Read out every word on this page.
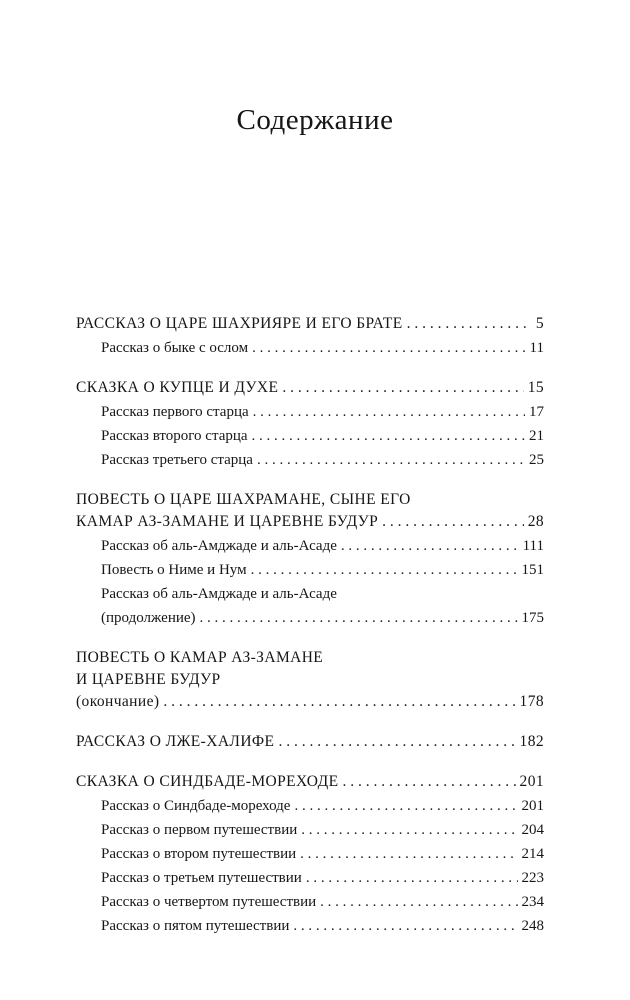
Содержание
РАССКАЗ О ЦАРЕ ШАХРИЯРЕ И ЕГО БРАТЕ . . .	5
Рассказ о быке с ослом . . .	11
СКАЗКА О КУПЦЕ И ДУХЕ . . .	15
Рассказ первого старца . . .	17
Рассказ второго старца . . .	21
Рассказ третьего старца . . .	25
ПОВЕСТЬ О ЦАРЕ ШАХРАМАНЕ, СЫНЕ ЕГО
КАМАР АЗ-ЗАМАНЕ И ЦАРЕВНЕ БУДУР . . .	28
Рассказ об аль-Амджаде и аль-Асаде . . .	111
Повесть о Ниме и Нум . . .	151
Рассказ об аль-Амджаде и аль-Асаде
(продолжение) . . .	175
ПОВЕСТЬ О КАМАР АЗ-ЗАМАНЕ
И ЦАРЕВНЕ БУДУР
(окончание) . . .	178
РАССКАЗ О ЛЖЕ-ХАЛИФЕ . . .	182
СКАЗКА О СИНДБАДЕ-МОРЕХОДЕ . . .	201
Рассказ о Синдбаде-мореходе . . .	201
Рассказ о первом путешествии . . .	204
Рассказ о втором путешествии . . .	214
Рассказ о третьем путешествии . . .	223
Рассказ о четвертом путешествии . . .	234
Рассказ о пятом путешествии . . .	248
